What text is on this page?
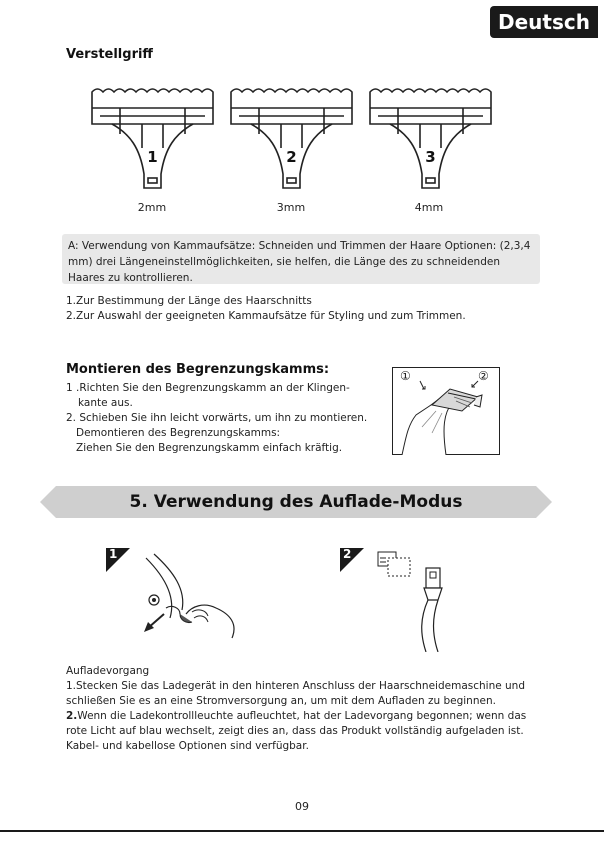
Deutsch
Verstellgriff
1	2	3
2mm	3mm	4mm
A: Verwendung von Kammaufsätze: Schneiden und Trimmen der Haare Optionen: (2,3,4 mm) drei Längeneinstellmöglichkeiten, sie helfen, die Länge des zu schneidenden Haares zu kontrollieren.
1.Zur Bestimmung der Länge des Haarschnitts
2.Zur Auswahl der geeigneten Kammaufsätze für Styling und zum Trimmen.
Montieren des Begrenzungskamms:
1 .Richten Sie den Begrenzungskamm an der Klingen-
kante aus.
2. Schieben Sie ihn leicht vorwärts, um ihn zu montieren.
Demontieren des Begrenzungskamms:
Ziehen Sie den Begrenzungskamm einfach kräftig.
①	②
5. Verwendung des Auflade-Modus
1	2
Aufladevorgang
1.Stecken Sie das Ladegerät in den hinteren Anschluss der Haarschneidemaschine und schließen Sie es an eine Stromversorgung an, um mit dem Aufladen zu beginnen.
2.Wenn die Ladekontrollleuchte aufleuchtet, hat der Ladevorgang begonnen; wenn das rote Licht auf blau wechselt, zeigt dies an, dass das Produkt vollständig aufgeladen ist. Kabel- und kabellose Optionen sind verfügbar.
09
